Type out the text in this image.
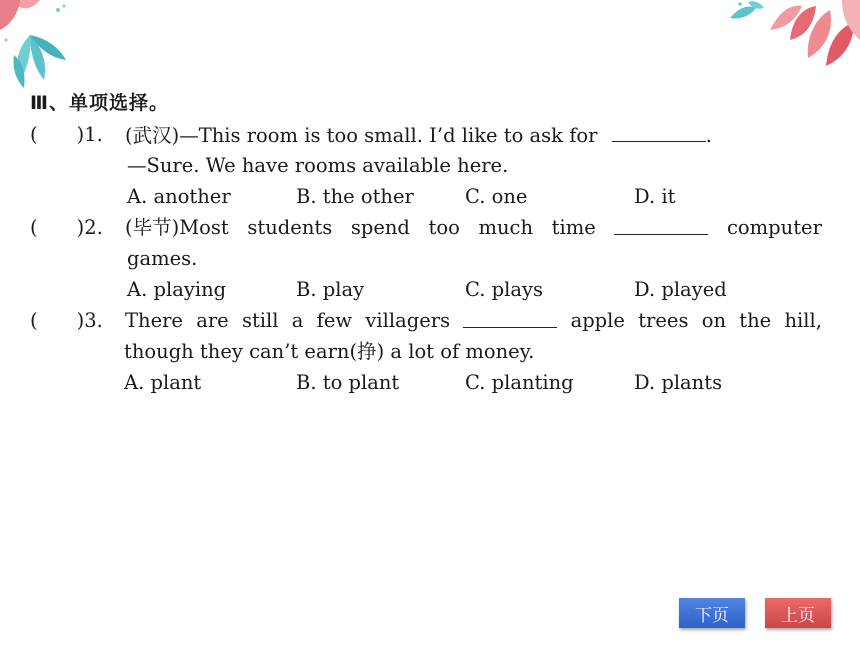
Ⅲ、单项选择。
(　　)1. (武汉)—This room is too small. I’d like to ask for	.
—Sure. We have rooms available here.
A. another	B. the other	C. one	D. it
(　　)2. (毕节)Most students spend too much time	computer
games.
A. playing	B. play	C. plays	D. played
(　　)3. There are still a few villagers	apple trees on the hill,
though they can’t earn(挣) a lot of money.
A. plant	B. to plant	C. planting	D. plants
下页	上页
